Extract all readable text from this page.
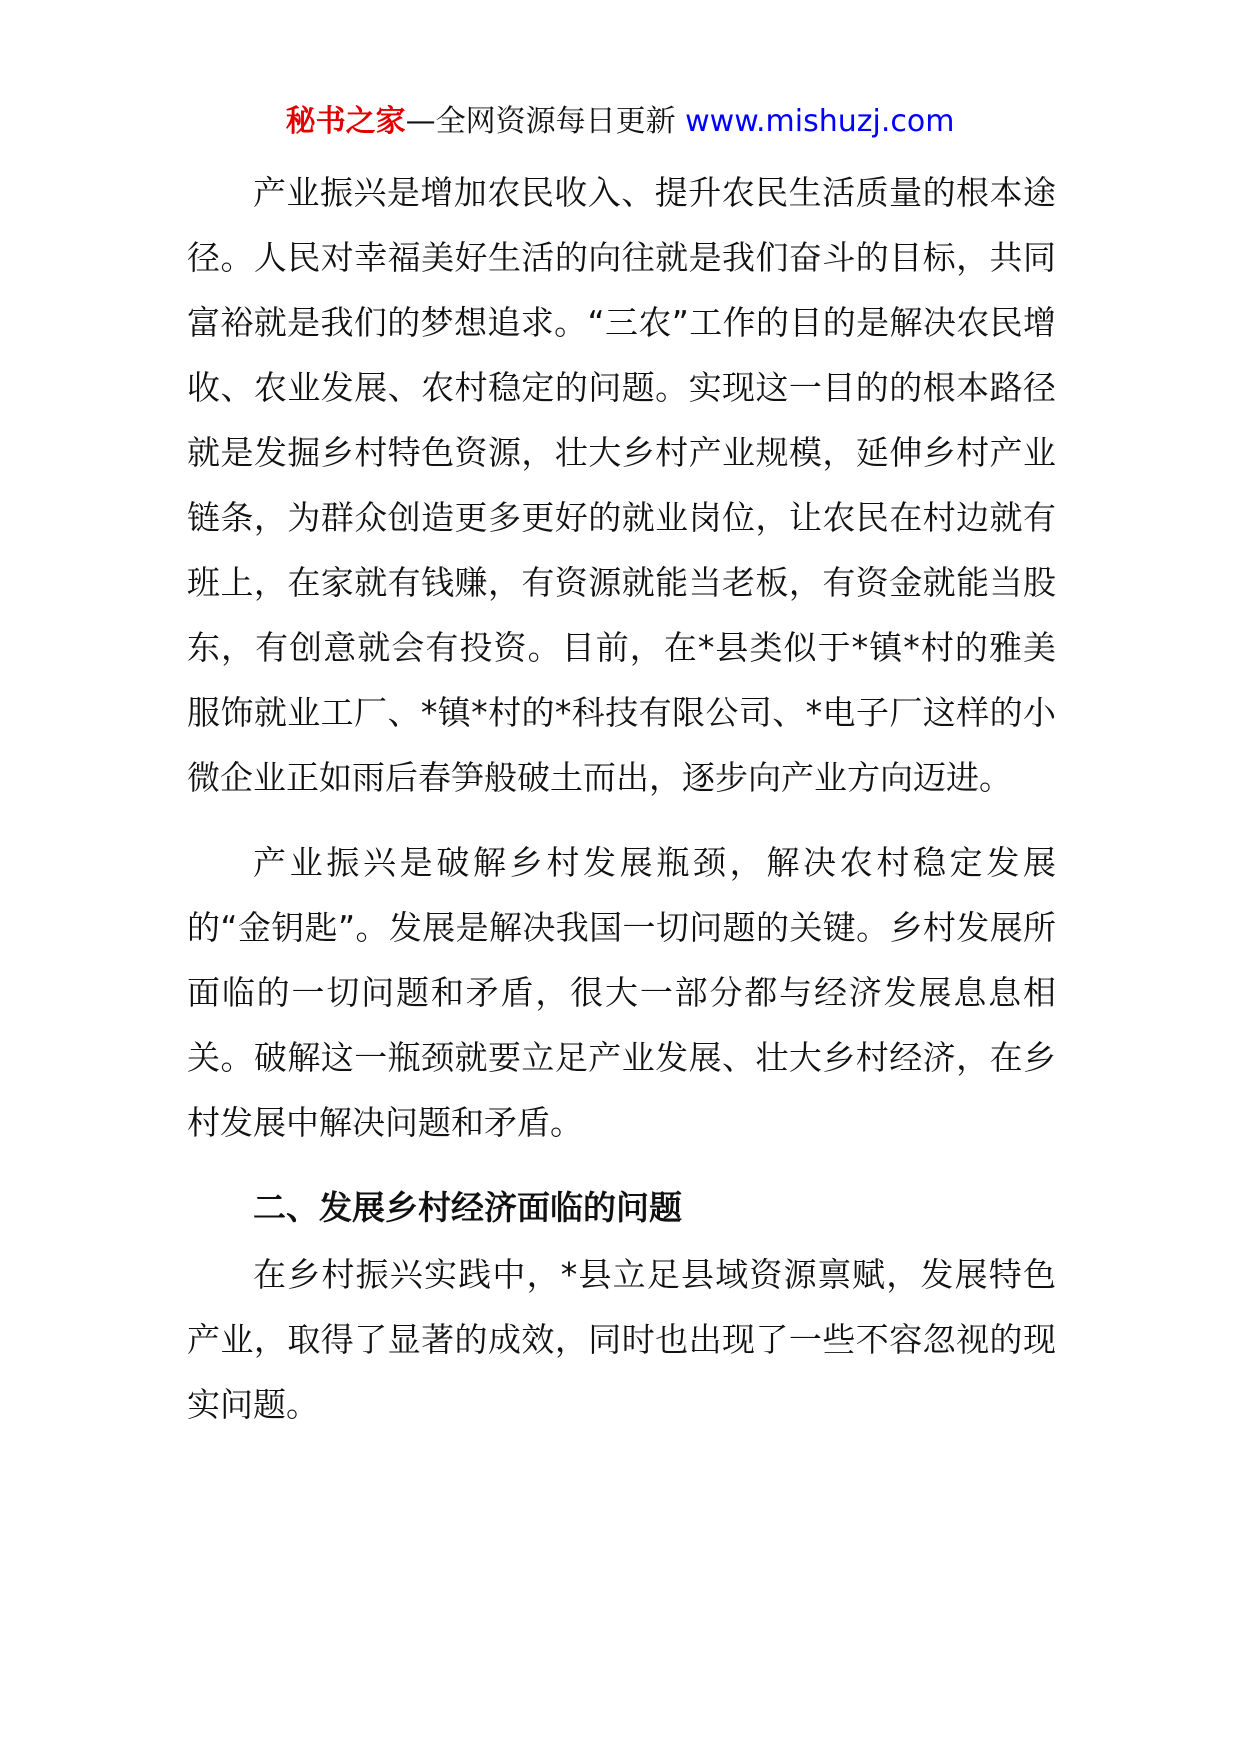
秘书之家—全网资源每日更新 www.mishuzj.com

产业振兴是增加农民收入、提升农民生活质量的根本途径。人民对幸福美好生活的向往就是我们奋斗的目标，共同富裕就是我们的梦想追求。“三农”工作的目的是解决农民增收、农业发展、农村稳定的问题。实现这一目的的根本路径就是发掘乡村特色资源，壮大乡村产业规模，延伸乡村产业链条，为群众创造更多更好的就业岗位，让农民在村边就有班上，在家就有钱赚，有资源就能当老板，有资金就能当股东，有创意就会有投资。目前，在*县类似于*镇*村的雅美服饰就业工厂、*镇*村的*科技有限公司、*电子厂这样的小微企业正如雨后春笋般破土而出，逐步向产业方向迈进。

产业振兴是破解乡村发展瓶颈，解决农村稳定发展的“金钥匙”。发展是解决我国一切问题的关键。乡村发展所面临的一切问题和矛盾，很大一部分都与经济发展息息相关。破解这一瓶颈就要立足产业发展、壮大乡村经济，在乡村发展中解决问题和矛盾。

二、发展乡村经济面临的问题

在乡村振兴实践中，*县立足县域资源禀赋，发展特色产业，取得了显著的成效，同时也出现了一些不容忽视的现实问题。
